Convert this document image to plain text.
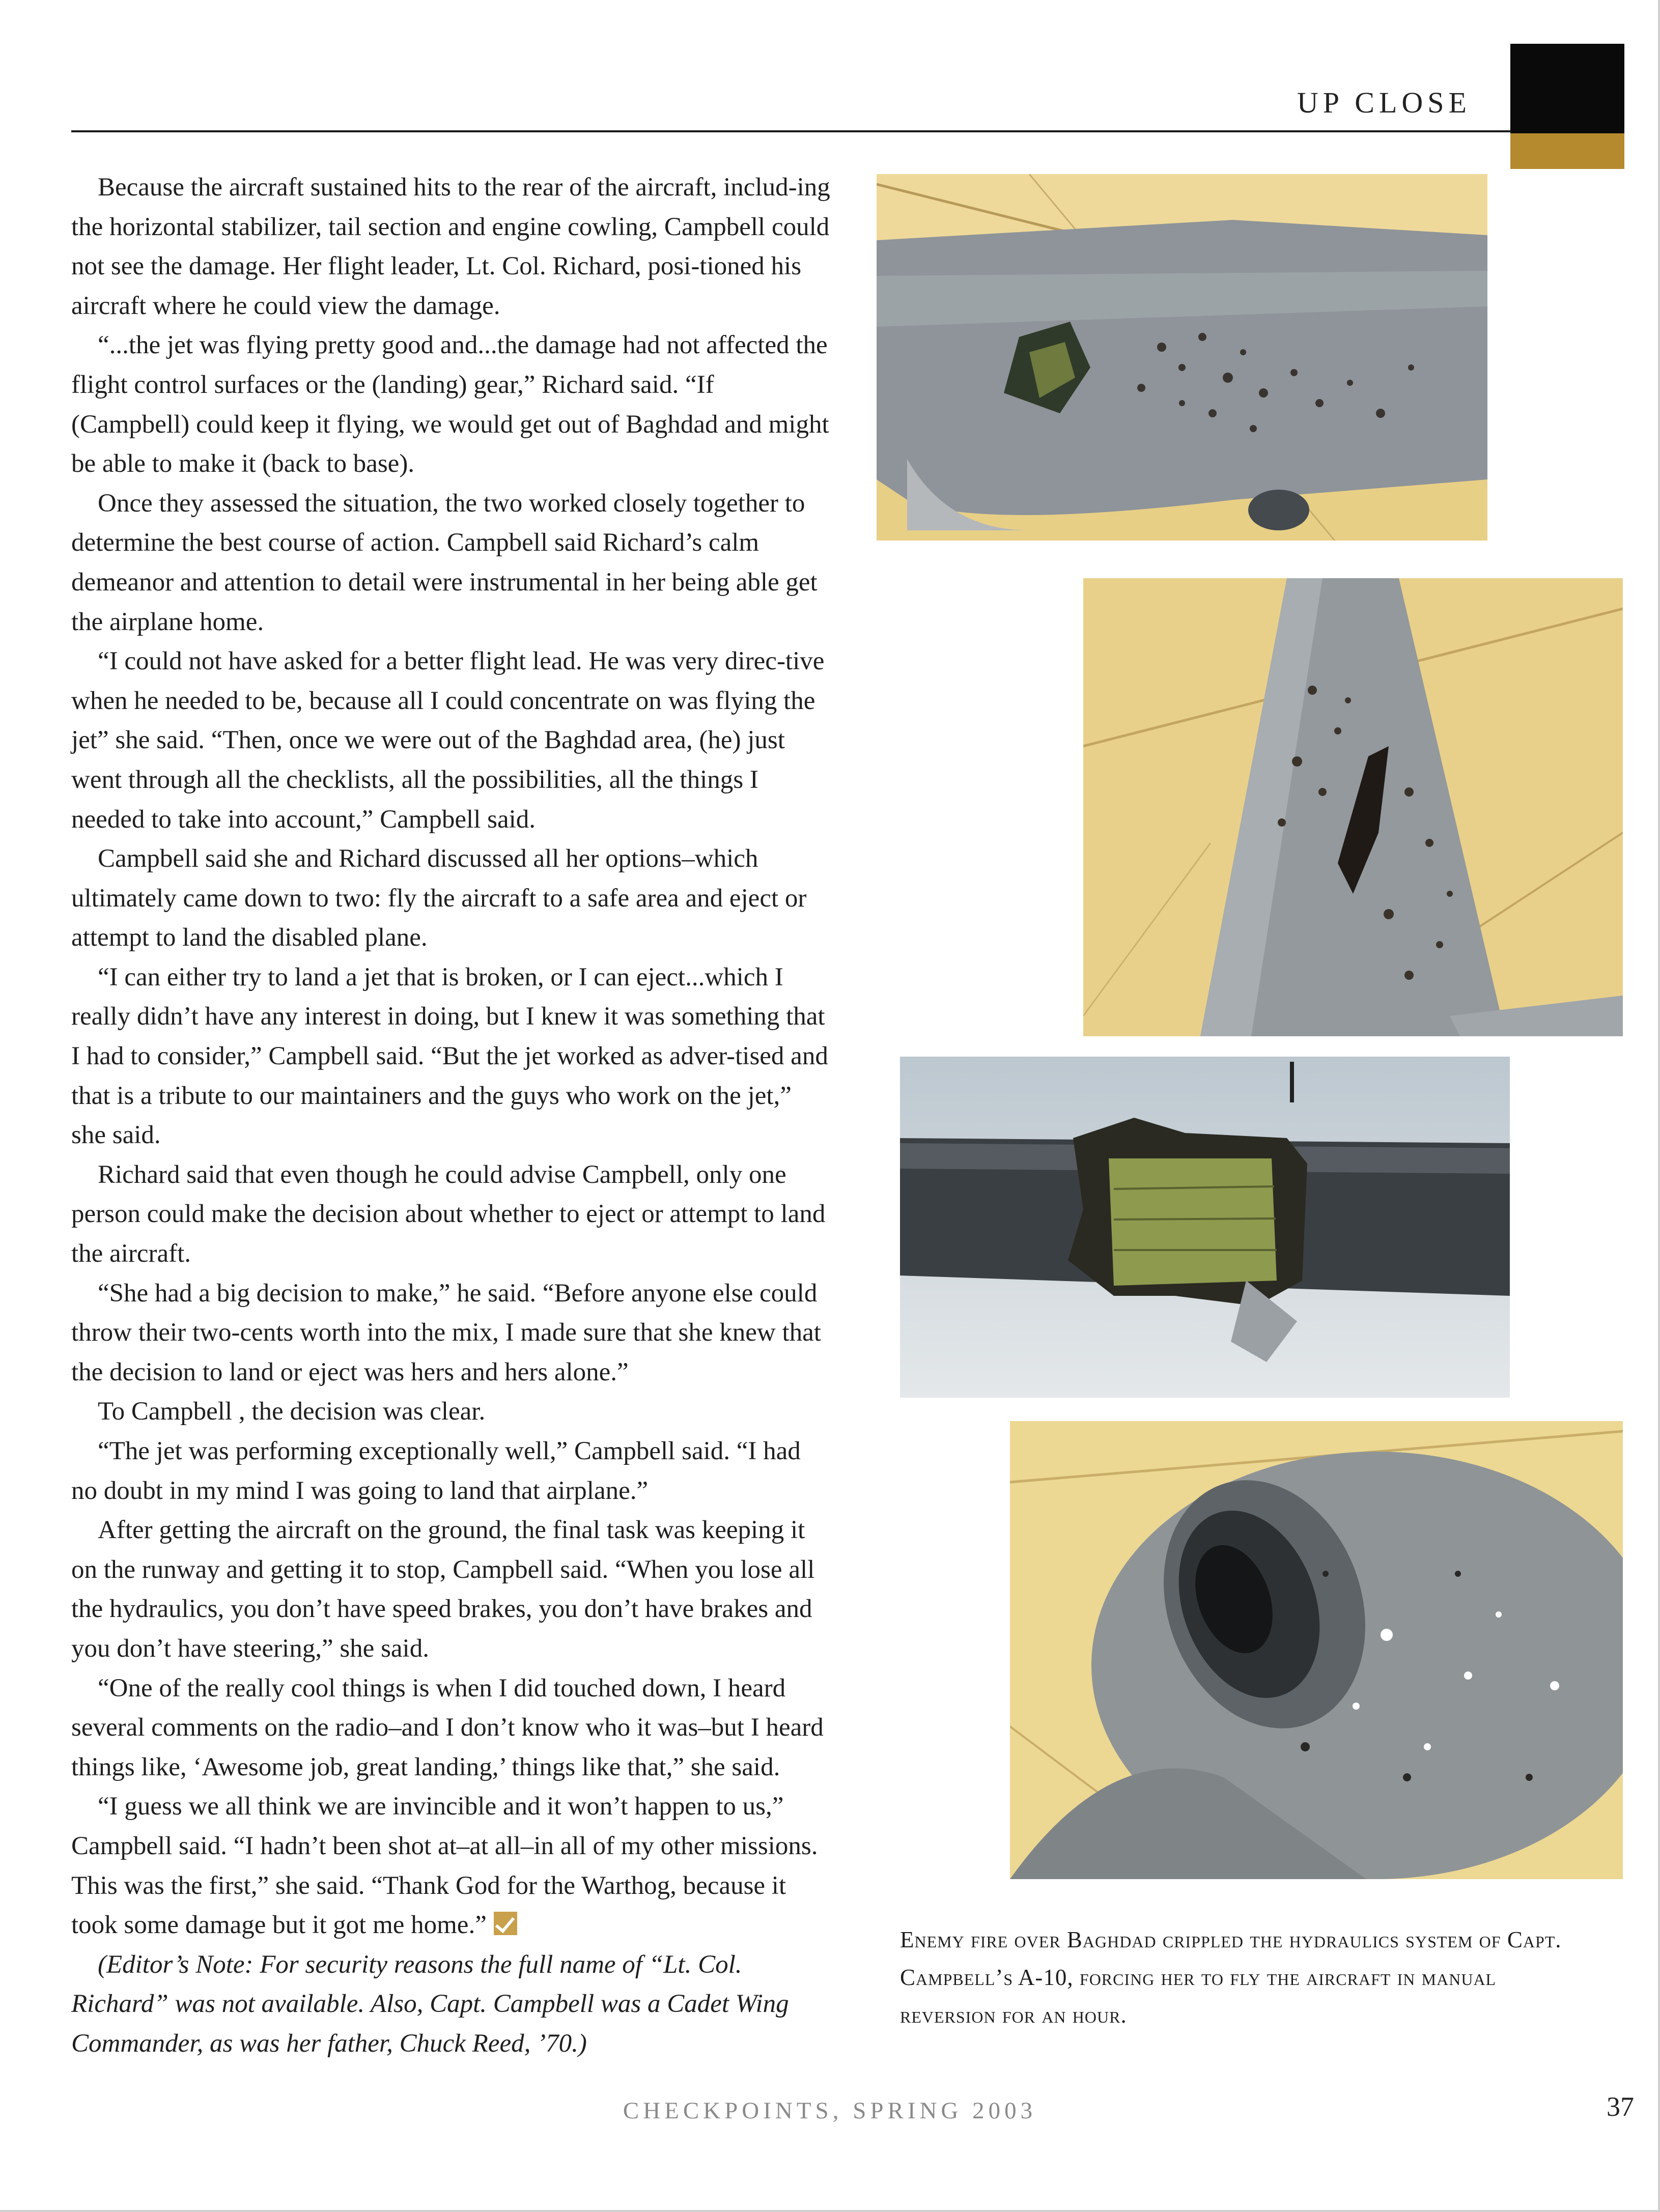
UP CLOSE

Because the aircraft sustained hits to the rear of the aircraft, includ-ing the horizontal stabilizer, tail section and engine cowling, Campbell could not see the damage. Her flight leader, Lt. Col. Richard, posi-tioned his aircraft where he could view the damage.

“...the jet was flying pretty good and...the damage had not affected the flight control surfaces or the (landing) gear,” Richard said. “If (Campbell) could keep it flying, we would get out of Baghdad and might be able to make it (back to base).

Once they assessed the situation, the two worked closely together to determine the best course of action. Campbell said Richard’s calm demeanor and attention to detail were instrumental in her being able get the airplane home.

“I could not have asked for a better flight lead. He was very direc-tive when he needed to be, because all I could concentrate on was flying the jet” she said. “Then, once we were out of the Baghdad area, (he) just went through all the checklists, all the possibilities, all the things I needed to take into account,” Campbell said.

Campbell said she and Richard discussed all her options–which ultimately came down to two: fly the aircraft to a safe area and eject or attempt to land the disabled plane.

“I can either try to land a jet that is broken, or I can eject...which I really didn’t have any interest in doing, but I knew it was something that I had to consider,” Campbell said. “But the jet worked as adver-tised and that is a tribute to our maintainers and the guys who work on the jet,” she said.

Richard said that even though he could advise Campbell, only one person could make the decision about whether to eject or attempt to land the aircraft.

“She had a big decision to make,” he said. “Before anyone else could throw their two-cents worth into the mix, I made sure that she knew that the decision to land or eject was hers and hers alone.”

To Campbell , the decision was clear.

“The jet was performing exceptionally well,” Campbell said. “I had no doubt in my mind I was going to land that airplane.”

After getting the aircraft on the ground, the final task was keeping it on the runway and getting it to stop, Campbell said. “When you lose all the hydraulics, you don’t have speed brakes, you don’t have brakes and you don’t have steering,” she said.

“One of the really cool things is when I did touched down, I heard several comments on the radio–and I don’t know who it was–but I heard things like, ‘Awesome job, great landing,’ things like that,” she said.

“I guess we all think we are invincible and it won’t happen to us,” Campbell said. “I hadn’t been shot at–at all–in all of my other missions. This was the first,” she said. “Thank God for the Warthog, because it took some damage but it got me home.”

(Editor’s Note: For security reasons the full name of “Lt. Col. Richard” was not available. Also, Capt. Campbell was a Cadet Wing Commander, as was her father, Chuck Reed, ’70.)

Enemy fire over Baghdad crippled the hydraulics system of Capt. Campbell’s A-10, forcing her to fly the aircraft in manual reversion for an hour.
CHECKPOINTS, SPRING 2003	37
